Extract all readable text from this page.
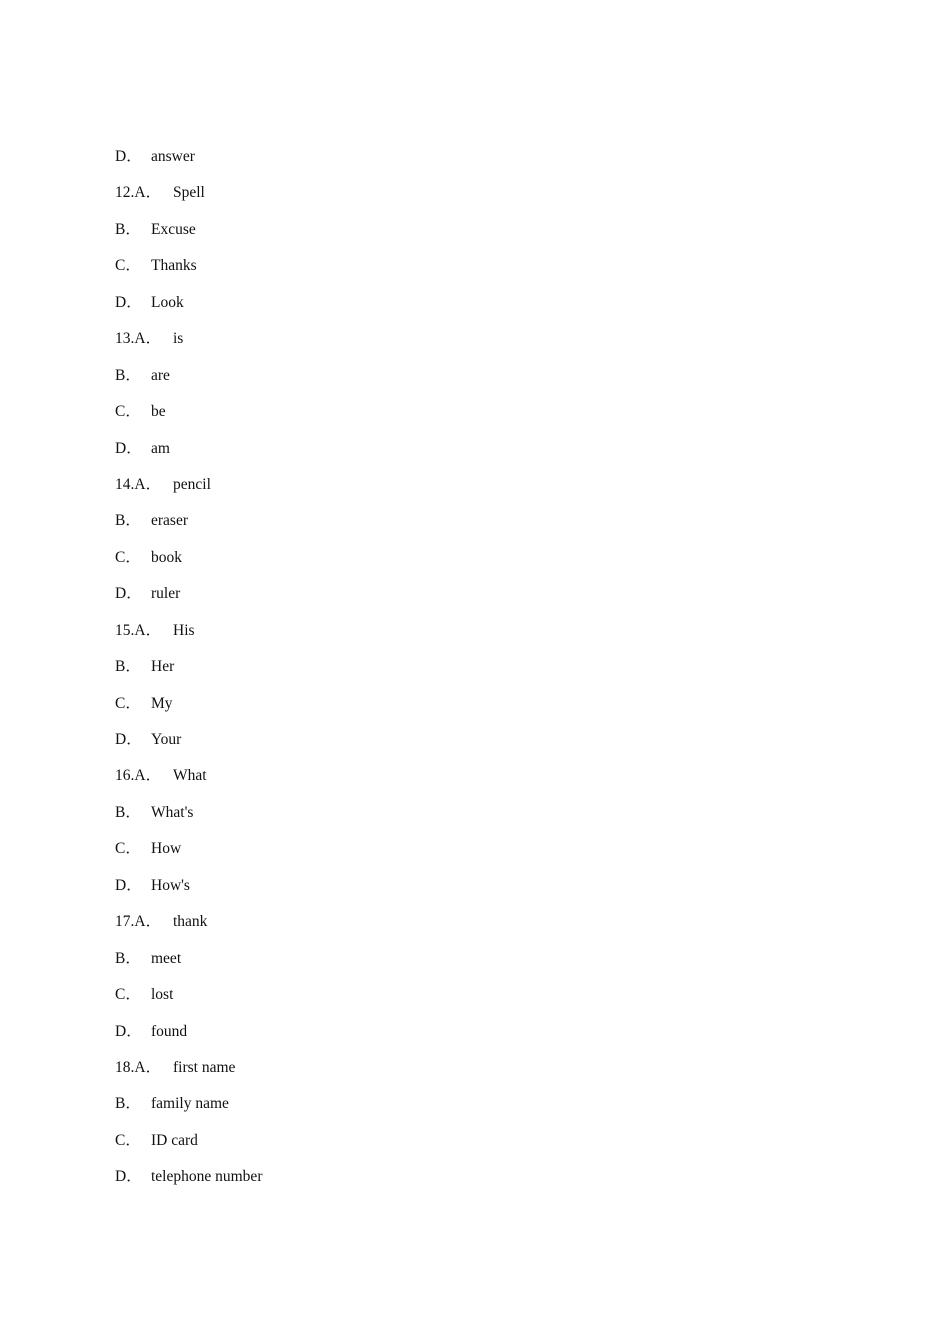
D． answer
12.A． Spell
B． Excuse
C． Thanks
D． Look
13.A． is
B． are
C． be
D． am
14.A． pencil
B． eraser
C． book
D． ruler
15.A． His
B． Her
C． My
D． Your
16.A． What
B． What's
C． How
D． How's
17.A． thank
B． meet
C． lost
D． found
18.A． first name
B． family name
C． ID card
D． telephone number
